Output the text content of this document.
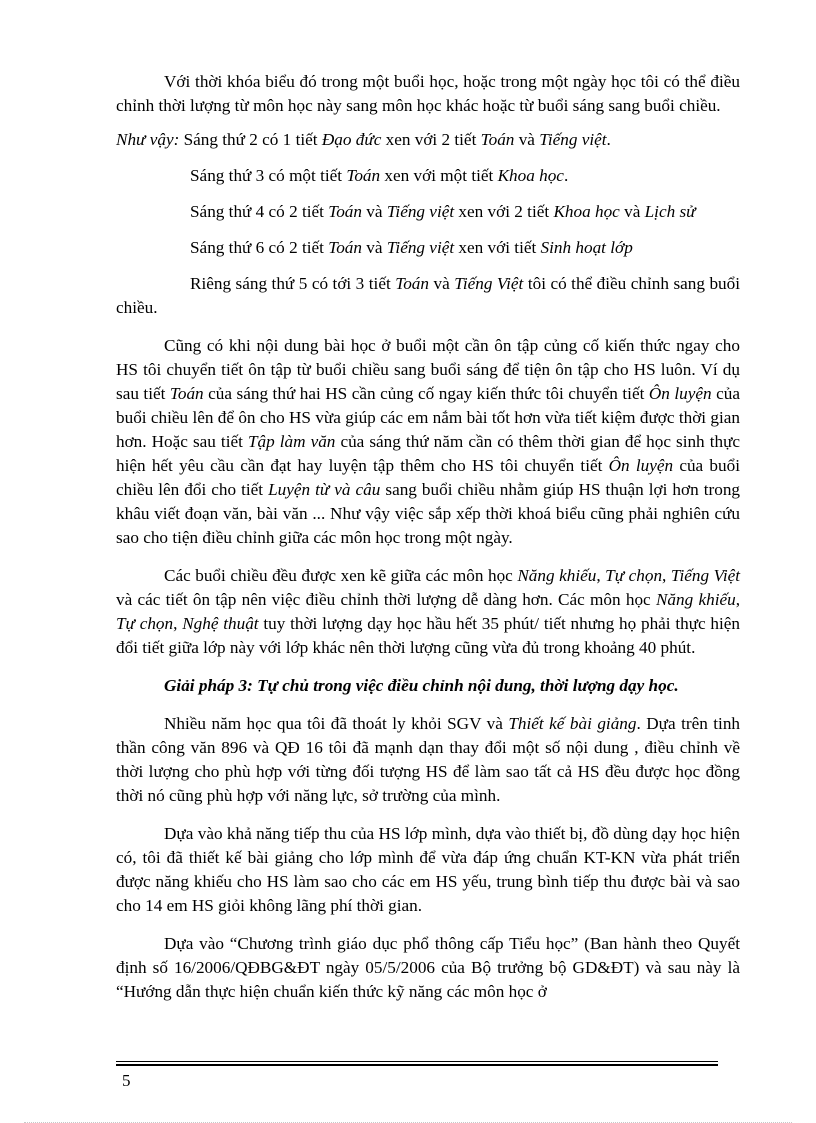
Với thời khóa biểu đó trong một buổi học, hoặc trong một ngày học tôi có thể điều chỉnh thời lượng từ môn học này sang môn học khác hoặc từ buổi sáng sang buổi chiều.

Như vậy: Sáng thứ 2 có 1 tiết Đạo đức xen với 2 tiết Toán và Tiếng việt.

Sáng thứ 3 có một tiết Toán xen với một tiết Khoa học.

Sáng thứ 4 có 2 tiết Toán và Tiếng việt xen với 2 tiết Khoa học và Lịch sử

Sáng thứ 6 có 2 tiết Toán và Tiếng việt xen với tiết Sinh hoạt lớp

Riêng sáng thứ 5 có tới 3 tiết Toán và Tiếng Việt tôi có thể điều chỉnh sang buổi chiều.

Cũng có khi nội dung bài học ở buổi một cần ôn tập củng cố kiến thức ngay cho HS tôi chuyển tiết ôn tập từ buổi chiều sang buổi sáng để tiện ôn tập cho HS luôn. Ví dụ sau tiết Toán của sáng thứ hai HS cần củng cố ngay kiến thức tôi chuyển tiết Ôn luyện của buổi chiều lên để ôn cho HS vừa giúp các em nắm bài tốt hơn vừa tiết kiệm được thời gian hơn. Hoặc sau tiết Tập làm văn của sáng thứ năm cần có thêm thời gian để học sinh thực hiện hết yêu cầu cần đạt hay luyện tập thêm cho HS tôi chuyển tiết Ôn luyện của buổi chiều lên đổi cho tiết Luyện từ và câu sang buổi chiều nhằm giúp HS thuận lợi hơn trong khâu viết đoạn văn, bài văn ... Như vậy việc sắp xếp thời khoá biểu cũng phải nghiên cứu sao cho tiện điều chỉnh giữa các môn học trong một ngày.

Các buổi chiều đều được xen kẽ giữa các môn học Năng khiếu, Tự chọn, Tiếng Việt và các tiết ôn tập nên việc điều chỉnh thời lượng dễ dàng hơn. Các môn học Năng khiếu, Tự chọn, Nghệ thuật tuy thời lượng dạy học hầu hết 35 phút/ tiết nhưng họ phải thực hiện đổi tiết giữa lớp này với lớp khác nên thời lượng cũng vừa đủ trong khoảng 40 phút.

Giải pháp 3: Tự chủ trong việc điều chỉnh nội dung, thời lượng dạy học.

Nhiều năm học qua tôi đã thoát ly khỏi SGV và Thiết kế bài giảng. Dựa trên tinh thần công văn 896 và QĐ 16 tôi đã mạnh dạn thay đổi một số nội dung , điều chỉnh về thời lượng cho phù hợp với từng đối tượng HS để làm sao tất cả HS đều được học đồng thời nó cũng phù hợp với năng lực, sở trường của mình.

Dựa vào khả năng tiếp thu của HS lớp mình, dựa vào thiết bị, đồ dùng dạy học hiện có, tôi đã thiết kế bài giảng cho lớp mình để vừa đáp ứng chuẩn KT-KN vừa phát triển được năng khiếu cho HS làm sao cho các em HS yếu, trung bình tiếp thu được bài và sao cho 14 em HS giỏi không lãng phí thời gian.

Dựa vào “Chương trình giáo dục phổ thông cấp Tiểu học” (Ban hành theo Quyết định số 16/2006/QĐBG&ĐT ngày 05/5/2006 của Bộ trưởng bộ GD&ĐT) và sau này là “Hướng dẫn thực hiện chuẩn kiến thức kỹ năng các môn học ở

5
